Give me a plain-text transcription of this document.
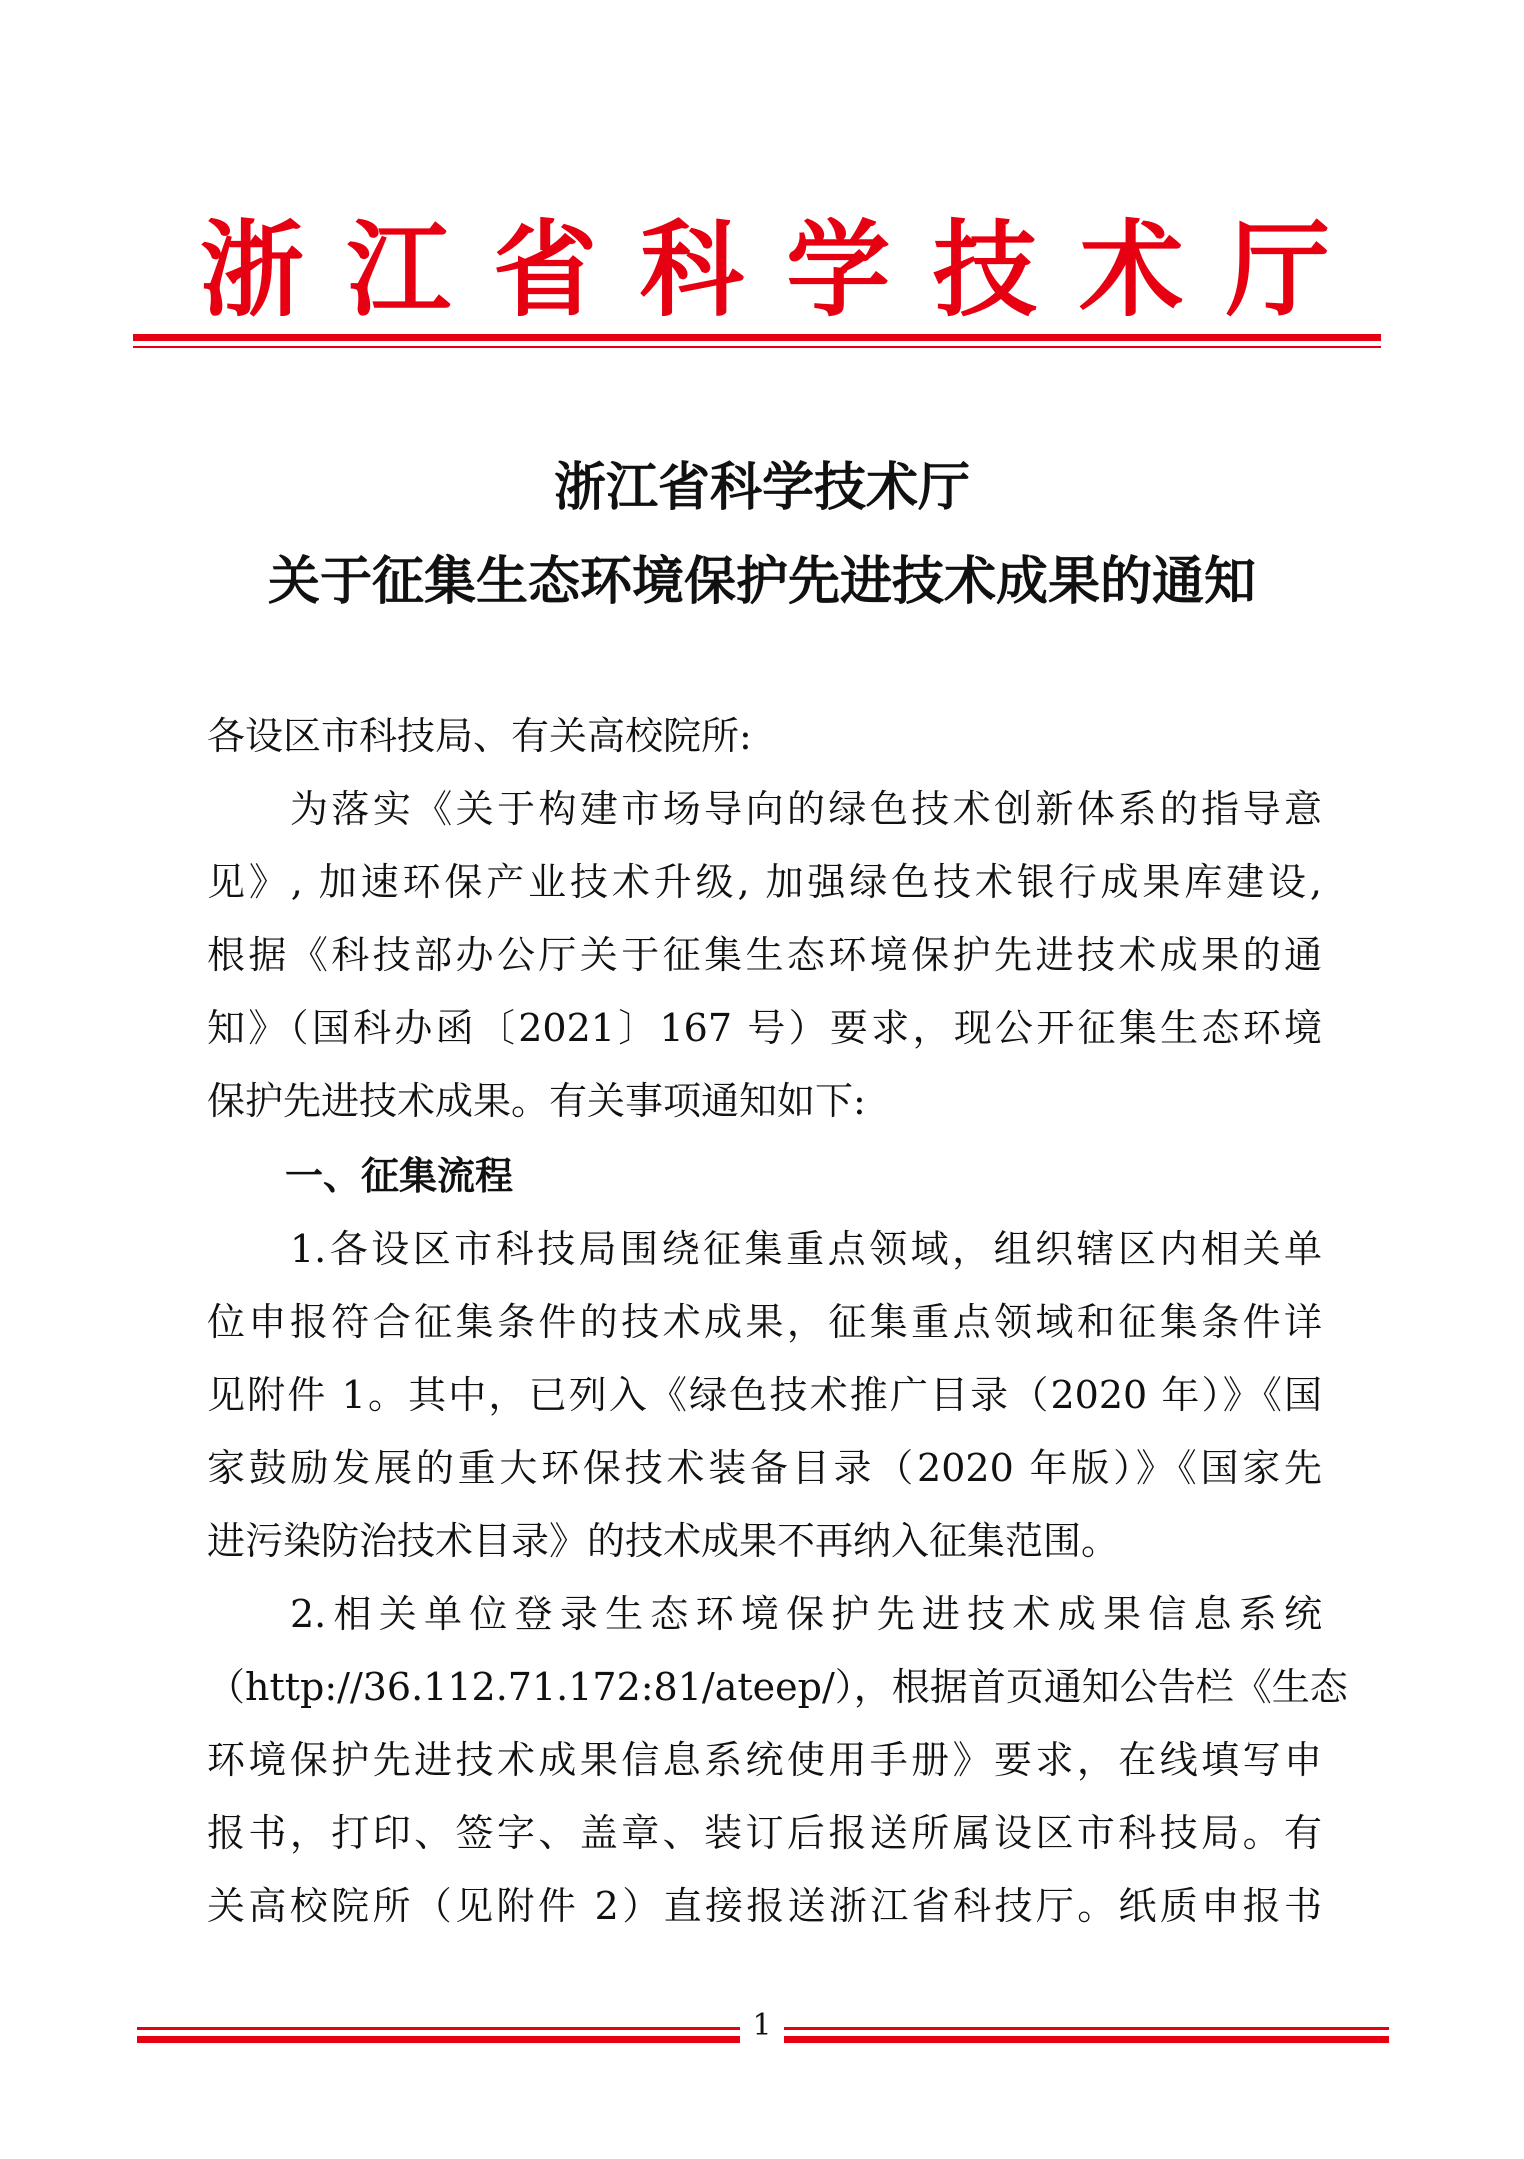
浙 江 省 科 学 技 术 厅
浙江省科学技术厅
关于征集生态环境保护先进技术成果的通知
各设区市科技局、有关高校院所:
为落实《关于构建市场导向的绿色技术创新体系的指导意
见》, 加速环保产业技术升级, 加强绿色技术银行成果库建设,
根据《科技部办公厅关于征集生态环境保护先进技术成果的通
知》（国科办函〔2021〕167 号）要求，现公开征集生态环境
保护先进技术成果。有关事项通知如下:
一、征集流程
1.各设区市科技局围绕征集重点领域，组织辖区内相关单
位申报符合征集条件的技术成果，征集重点领域和征集条件详
见附件 1。其中，已列入《绿色技术推广目录（2020 年）》《国
家鼓励发展的重大环保技术装备目录（2020 年版）》《国家先
进污染防治技术目录》的技术成果不再纳入征集范围。
2.相关单位登录生态环境保护先进技术成果信息系统
（http://36.112.71.172:81/ateep/），根据首页通知公告栏《生态
环境保护先进技术成果信息系统使用手册》要求，在线填写申
报书，打印、签字、盖章、装订后报送所属设区市科技局。有
关高校院所（见附件 2）直接报送浙江省科技厅。纸质申报书
1
